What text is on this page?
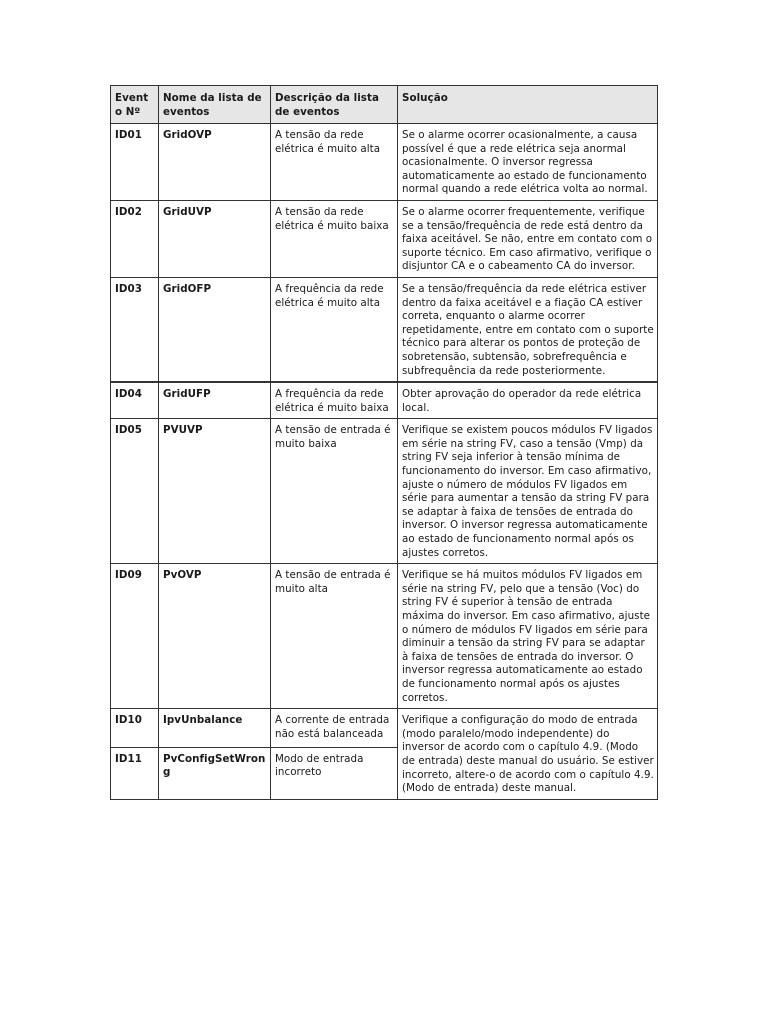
Evento Nº	Nome da lista de eventos	Descrição da lista de eventos	Solução
ID01	GridOVP	A tensão da rede elétrica é muito alta	Se o alarme ocorrer ocasionalmente, a causa possível é que a rede elétrica seja anormal ocasionalmente. O inversor regressa automaticamente ao estado de funcionamento normal quando a rede elétrica volta ao normal.
ID02	GridUVP	A tensão da rede elétrica é muito baixa	Se o alarme ocorrer frequentemente, verifique se a tensão/frequência de rede está dentro da faixa aceitável. Se não, entre em contato com o suporte técnico. Em caso afirmativo, verifique o disjuntor CA e o cabeamento CA do inversor.
ID03	GridOFP	A frequência da rede elétrica é muito alta	Se a tensão/frequência da rede elétrica estiver dentro da faixa aceitável e a fiação CA estiver correta, enquanto o alarme ocorrer repetidamente, entre em contato com o suporte técnico para alterar os pontos de proteção de sobretensão, subtensão, sobrefrequência e subfrequência da rede posteriormente.
ID04	GridUFP	A frequência da rede elétrica é muito baixa	Obter aprovação do operador da rede elétrica local.
ID05	PVUVP	A tensão de entrada é muito baixa	Verifique se existem poucos módulos FV ligados em série na string FV, caso a tensão (Vmp) da string FV seja inferior à tensão mínima de funcionamento do inversor. Em caso afirmativo, ajuste o número de módulos FV ligados em série para aumentar a tensão da string FV para se adaptar à faixa de tensões de entrada do inversor. O inversor regressa automaticamente ao estado de funcionamento normal após os ajustes corretos.
ID09	PvOVP	A tensão de entrada é muito alta	Verifique se há muitos módulos FV ligados em série na string FV, pelo que a tensão (Voc) do string FV é superior à tensão de entrada máxima do inversor. Em caso afirmativo, ajuste o número de módulos FV ligados em série para diminuir a tensão da string FV para se adaptar à faixa de tensões de entrada do inversor. O inversor regressa automaticamente ao estado de funcionamento normal após os ajustes corretos.
ID10	IpvUnbalance	A corrente de entrada não está balanceada	Verifique a configuração do modo de entrada (modo paralelo/modo independente) do inversor de acordo com o capítulo 4.9. (Modo de entrada) deste manual do usuário. Se estiver incorreto, altere-o de acordo com o capítulo 4.9. (Modo de entrada) deste manual.
ID11	PvConfigSetWrong	Modo de entrada incorreto	
